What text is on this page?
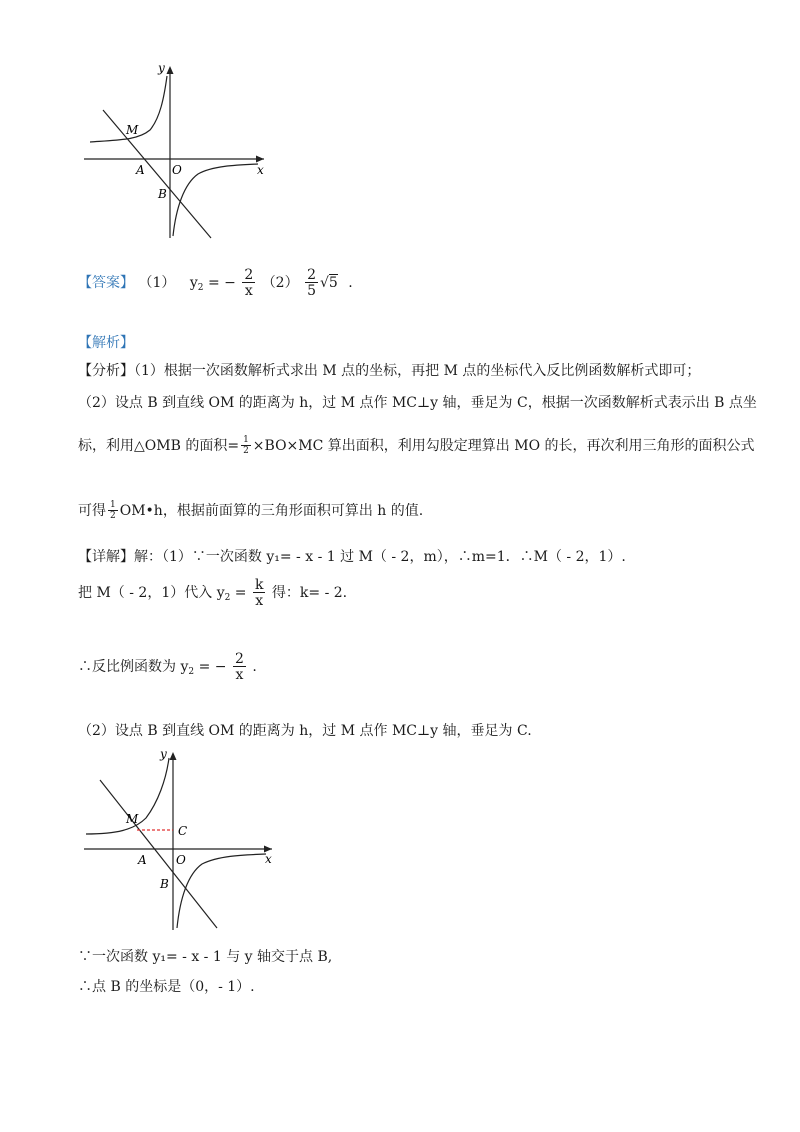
y
x
M
A O
B
【答案】 （1） $y_2$ = − $\frac{2}{x} (2) \frac{2}{5} √5$ .
【解析】
【分析】（1）根据一次函数解析式求出 M 点的坐标，再把 M 点的坐标代入反比例函数解析式即可；
（2）设点 B 到直线 OM 的距离为 h，过 M 点作 MC⊥y 轴，垂足为 C，根据一次函数解析式表示出 B 点坐
标，利用△OMB 的面积= $\frac{1}{2} \times BO\times MC$ 算出面积，利用勾股定理算出 MO 的长，再次利用三角形的面积公式
可得 $\frac{1}{2}$ OM•h，根据前面算的三角形面积可算出 h 的值.
【详解】解：（1）∵一次函数 y₁= - x - 1 过 M（ - 2，m），∴m=1．∴M（ - 2，1）.
把 M（ - 2，1）代入 $y_2 = \frac{k}{x}$ 得：k= - 2.
∴反比例函数为 $y_2$ = − $\frac{2}{x}$ .
（2）设点 B 到直线 OM 的距离为 h，过 M 点作 MC⊥y 轴，垂足为 C.
y
x
M
C
A O
B
∵一次函数 y₁= - x - 1 与 y 轴交于点 B,
∴点 B 的坐标是（0，- 1）.
